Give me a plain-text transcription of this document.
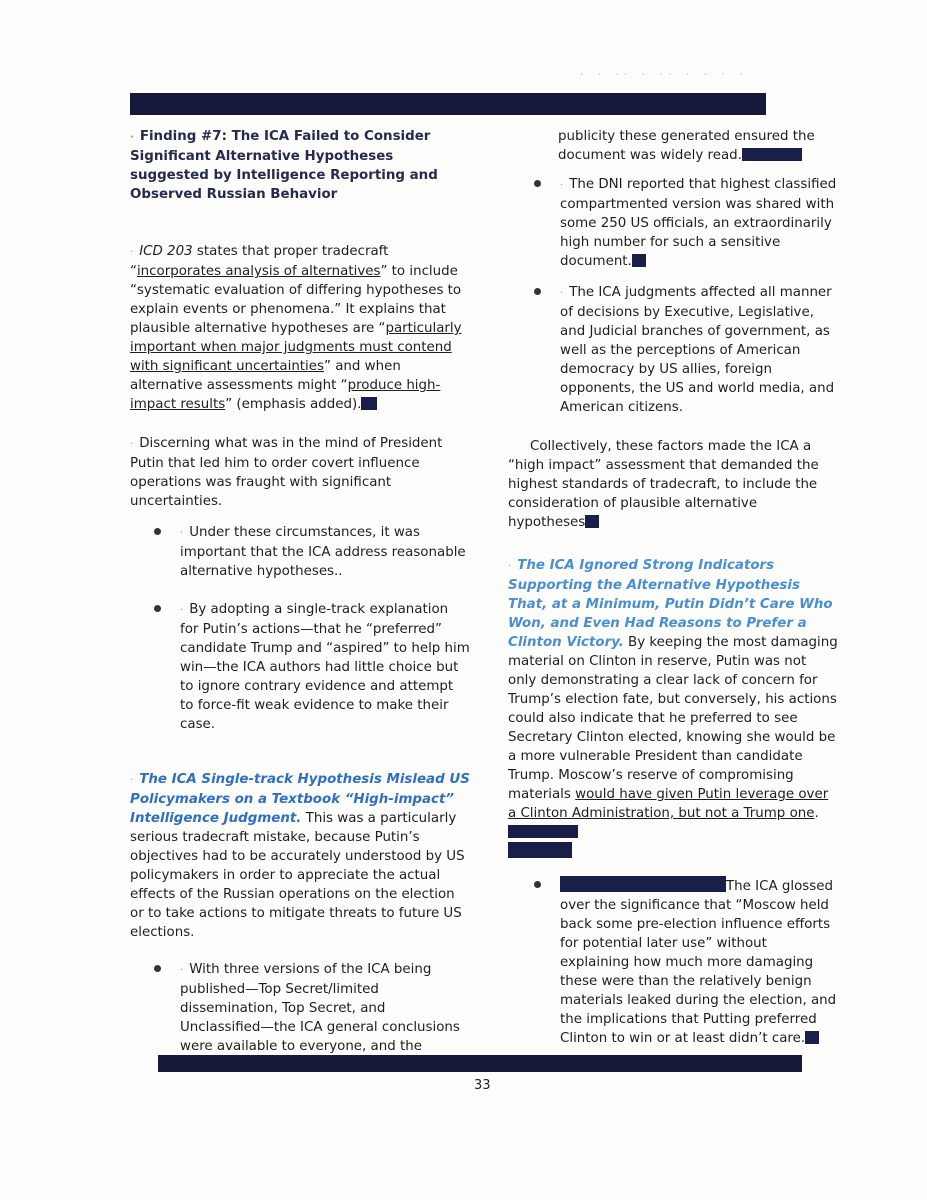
· · ·· · ·· · · · ·

· Finding #7: The ICA Failed to Consider Significant Alternative Hypotheses suggested by Intelligence Reporting and Observed Russian Behavior

· ICD 203 states that proper tradecraft “incorporates analysis of alternatives” to include “systematic evaluation of differing hypotheses to explain events or phenomena.” It explains that plausible alternative hypotheses are “particularly important when major judgments must contend with significant uncertainties” and when alternative assessments might “produce high-impact results” (emphasis added).

· Discerning what was in the mind of President Putin that led him to order covert influence operations was fraught with significant uncertainties.

· Under these circumstances, it was important that the ICA address reasonable alternative hypotheses..
· By adopting a single-track explanation for Putin’s actions—that he “preferred” candidate Trump and “aspired” to help him win—the ICA authors had little choice but to ignore contrary evidence and attempt to force-fit weak evidence to make their case.

· The ICA Single-track Hypothesis Mislead US Policymakers on a Textbook “High-impact” Intelligence Judgment. This was a particularly serious tradecraft mistake, because Putin’s objectives had to be accurately understood by US policymakers in order to appreciate the actual effects of the Russian operations on the election or to take actions to mitigate threats to future US elections.

· With three versions of the ICA being published—Top Secret/limited dissemination, Top Secret, and Unclassified—the ICA general conclusions were available to everyone, and the

publicity these generated ensured the document was widely read.

· The DNI reported that highest classified compartmented version was shared with some 250 US officials, an extraordinarily high number for such a sensitive document.
· The ICA judgments affected all manner of decisions by Executive, Legislative, and Judicial branches of government, as well as the perceptions of American democracy by US allies, foreign opponents, the US and world media, and American citizens.

Collectively, these factors made the ICA a “high impact” assessment that demanded the highest standards of tradecraft, to include the consideration of plausible alternative hypotheses

· The ICA Ignored Strong Indicators Supporting the Alternative Hypothesis That, at a Minimum, Putin Didn’t Care Who Won, and Even Had Reasons to Prefer a Clinton Victory. By keeping the most damaging material on Clinton in reserve, Putin was not only demonstrating a clear lack of concern for Trump’s election fate, but conversely, his actions could also indicate that he preferred to see Secretary Clinton elected, knowing she would be a more vulnerable President than candidate Trump. Moscow’s reserve of compromising materials would have given Putin leverage over a Clinton Administration, but not a Trump one.

The ICA glossed over the significance that “Moscow held back some pre-election influence efforts for potential later use” without explaining how much more damaging these were than the relatively benign materials leaked during the election, and the implications that Putting preferred Clinton to win or at least didn’t care.
33
